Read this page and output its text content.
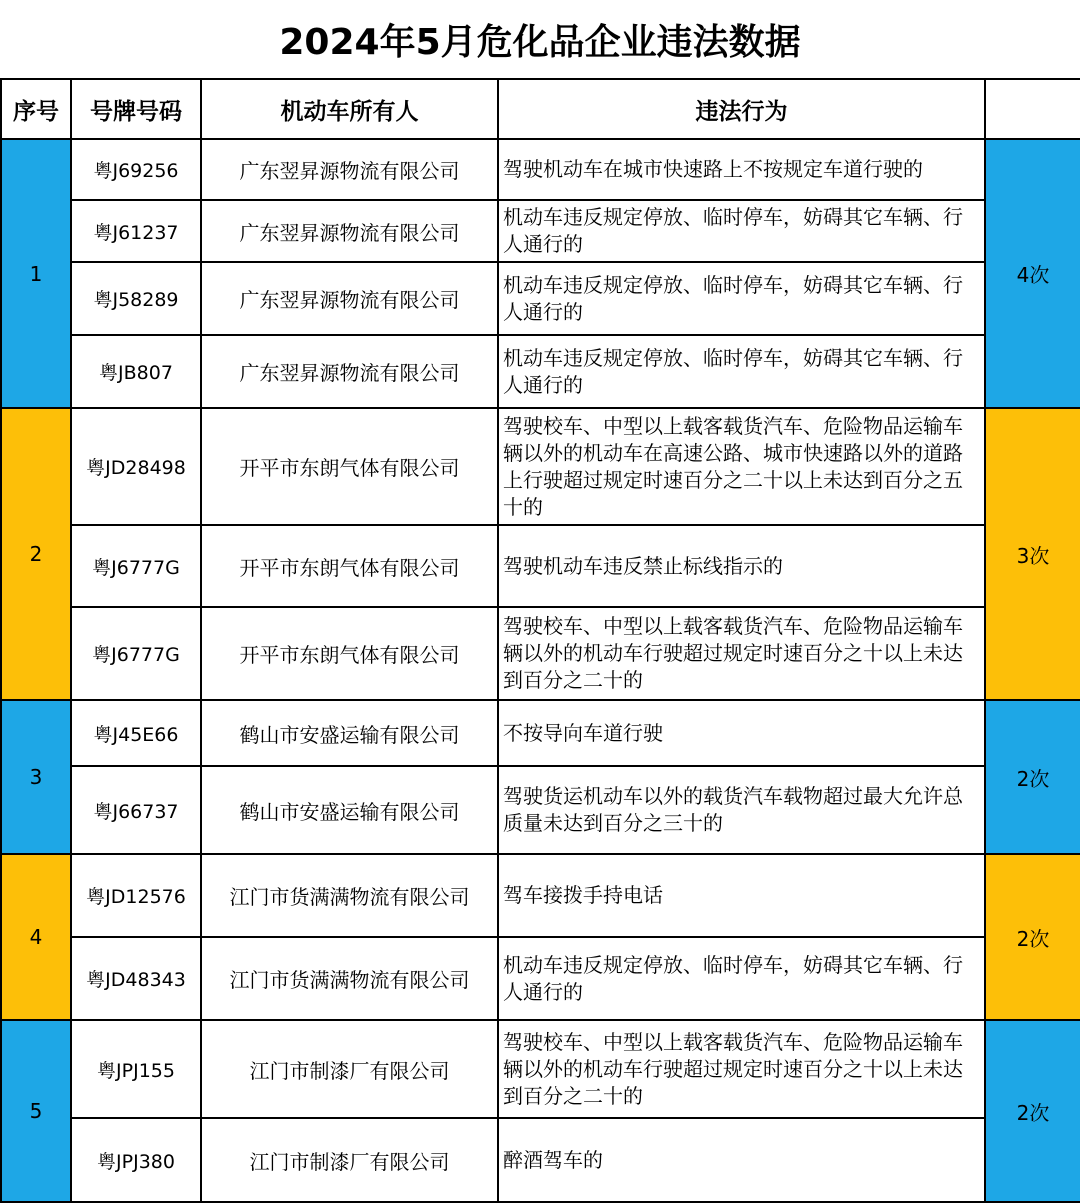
2024年5月危化品企业违法数据
序号	号牌号码	机动车所有人	违法行为	
1	粤J69256	广东翌昇源物流有限公司	驾驶机动车在城市快速路上不按规定车道行驶的	4次
	粤J61237	广东翌昇源物流有限公司	机动车违反规定停放、临时停车，妨碍其它车辆、行人通行的	
	粤J58289	广东翌昇源物流有限公司	机动车违反规定停放、临时停车，妨碍其它车辆、行人通行的	
	粤JB807	广东翌昇源物流有限公司	机动车违反规定停放、临时停车，妨碍其它车辆、行人通行的	
2	粤JD28498	开平市东朗气体有限公司	驾驶校车、中型以上载客载货汽车、危险物品运输车辆以外的机动车在高速公路、城市快速路以外的道路上行驶超过规定时速百分之二十以上未达到百分之五十的	3次
	粤J6777G	开平市东朗气体有限公司	驾驶机动车违反禁止标线指示的	
	粤J6777G	开平市东朗气体有限公司	驾驶校车、中型以上载客载货汽车、危险物品运输车辆以外的机动车行驶超过规定时速百分之十以上未达到百分之二十的	
3	粤J45E66	鹤山市安盛运输有限公司	不按导向车道行驶	2次
	粤J66737	鹤山市安盛运输有限公司	驾驶货运机动车以外的载货汽车载物超过最大允许总质量未达到百分之三十的	
4	粤JD12576	江门市货满满物流有限公司	驾车接拨手持电话	2次
	粤JD48343	江门市货满满物流有限公司	机动车违反规定停放、临时停车，妨碍其它车辆、行人通行的	
5	粤JPJ155	江门市制漆厂有限公司	驾驶校车、中型以上载客载货汽车、危险物品运输车辆以外的机动车行驶超过规定时速百分之十以上未达到百分之二十的	2次
	粤JPJ380	江门市制漆厂有限公司	醉酒驾车的	
